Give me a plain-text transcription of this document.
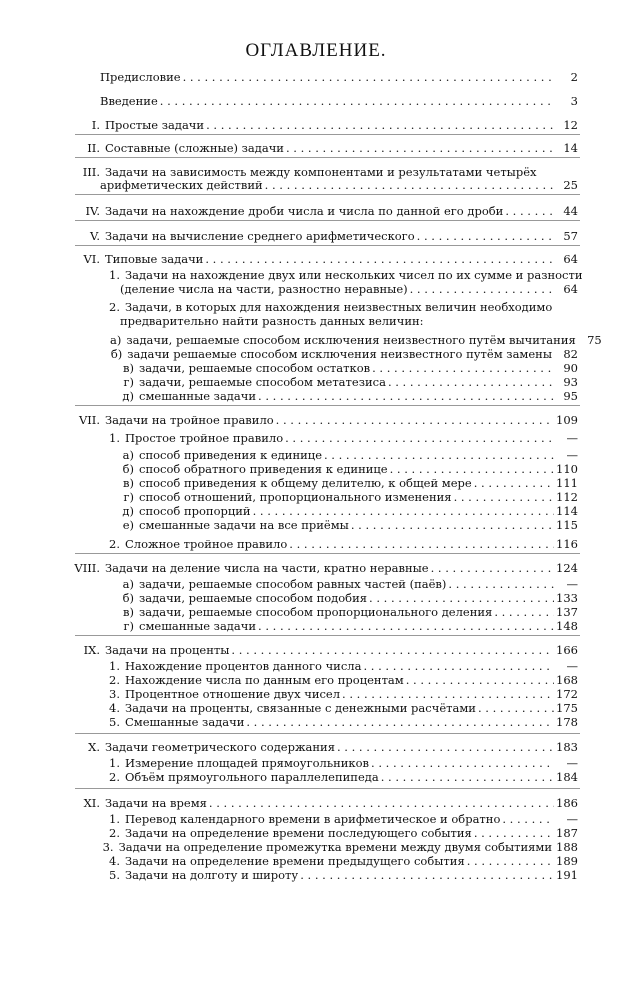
ОГЛАВЛЕНИЕ.
Предисловие . . .	2
Введение . . .	3
I. Простые задачи . . .	12
II. Составные (сложные) задачи . . .	14
III. Задачи на зависимость между компонентами и результатами четырёх
арифметических действий . . .	25
IV. Задачи на нахождение дроби числа и числа по данной его дроби . . .	44
V. Задачи на вычисление среднего арифметического . . .	57
VI. Типовые задачи . . .	64
1. Задачи на нахождение двух или нескольких чисел по их сумме и разности
(деление числа на части, разностно неравные) . . .	64
2. Задачи, в которых для нахождения неизвестных величин необходимо
предварительно найти разность данных величин:
а) задачи, решаемые способом исключения неизвестного путём вычитания 75
б) задачи решаемые способом исключения неизвестного путём замены 82
в) задачи, решаемые способом остатков . . .	90
г) задачи, решаемые способом метатезиса . . .	93
д) смешанные задачи . . .	95
VII. Задачи на тройное правило . . .	109
1. Простое тройное правило . . .	—
а) способ приведения к единице . . .	—
б) способ обратного приведения к единице . . .	110
в) способ приведения к общему делителю, к общей мере . . .	111
г) способ отношений, пропорционального изменения . . .	112
д) способ пропорций . . .	114
е) смешанные задачи на все приёмы . . .	115
2. Сложное тройное правило . . .	116
VIII. Задачи на деление числа на части, кратно неравные . . .	124
а) задачи, решаемые способом равных частей (паёв) . . .	—
б) задачи, решаемые способом подобия . . .	133
в) задачи, решаемые способом пропорционального деления . . .	137
г) смешанные задачи . . .	148
IX. Задачи на проценты . . .	166
1. Нахождение процентов данного числа . . .	—
2. Нахождение числа по данным его процентам . . .	168
3. Процентное отношение двух чисел . . .	172
4. Задачи на проценты, связанные с денежными расчётами . . .	175
5. Смешанные задачи . . .	178
X. Задачи геометрического содержания . . .	183
1. Измерение площадей прямоугольников . . .	—
2. Объём прямоугольного параллелепипеда . . .	184
XI. Задачи на время . . .	186
1. Перевод календарного времени в арифметическое и обратно . . .	—
2. Задачи на определение времени последующего события . . .	187
3. Задачи на определение промежутка времени между двумя событиями 188
4. Задачи на определение времени предыдущего события . . .	189
5. Задачи на долготу и широту . . .	191
